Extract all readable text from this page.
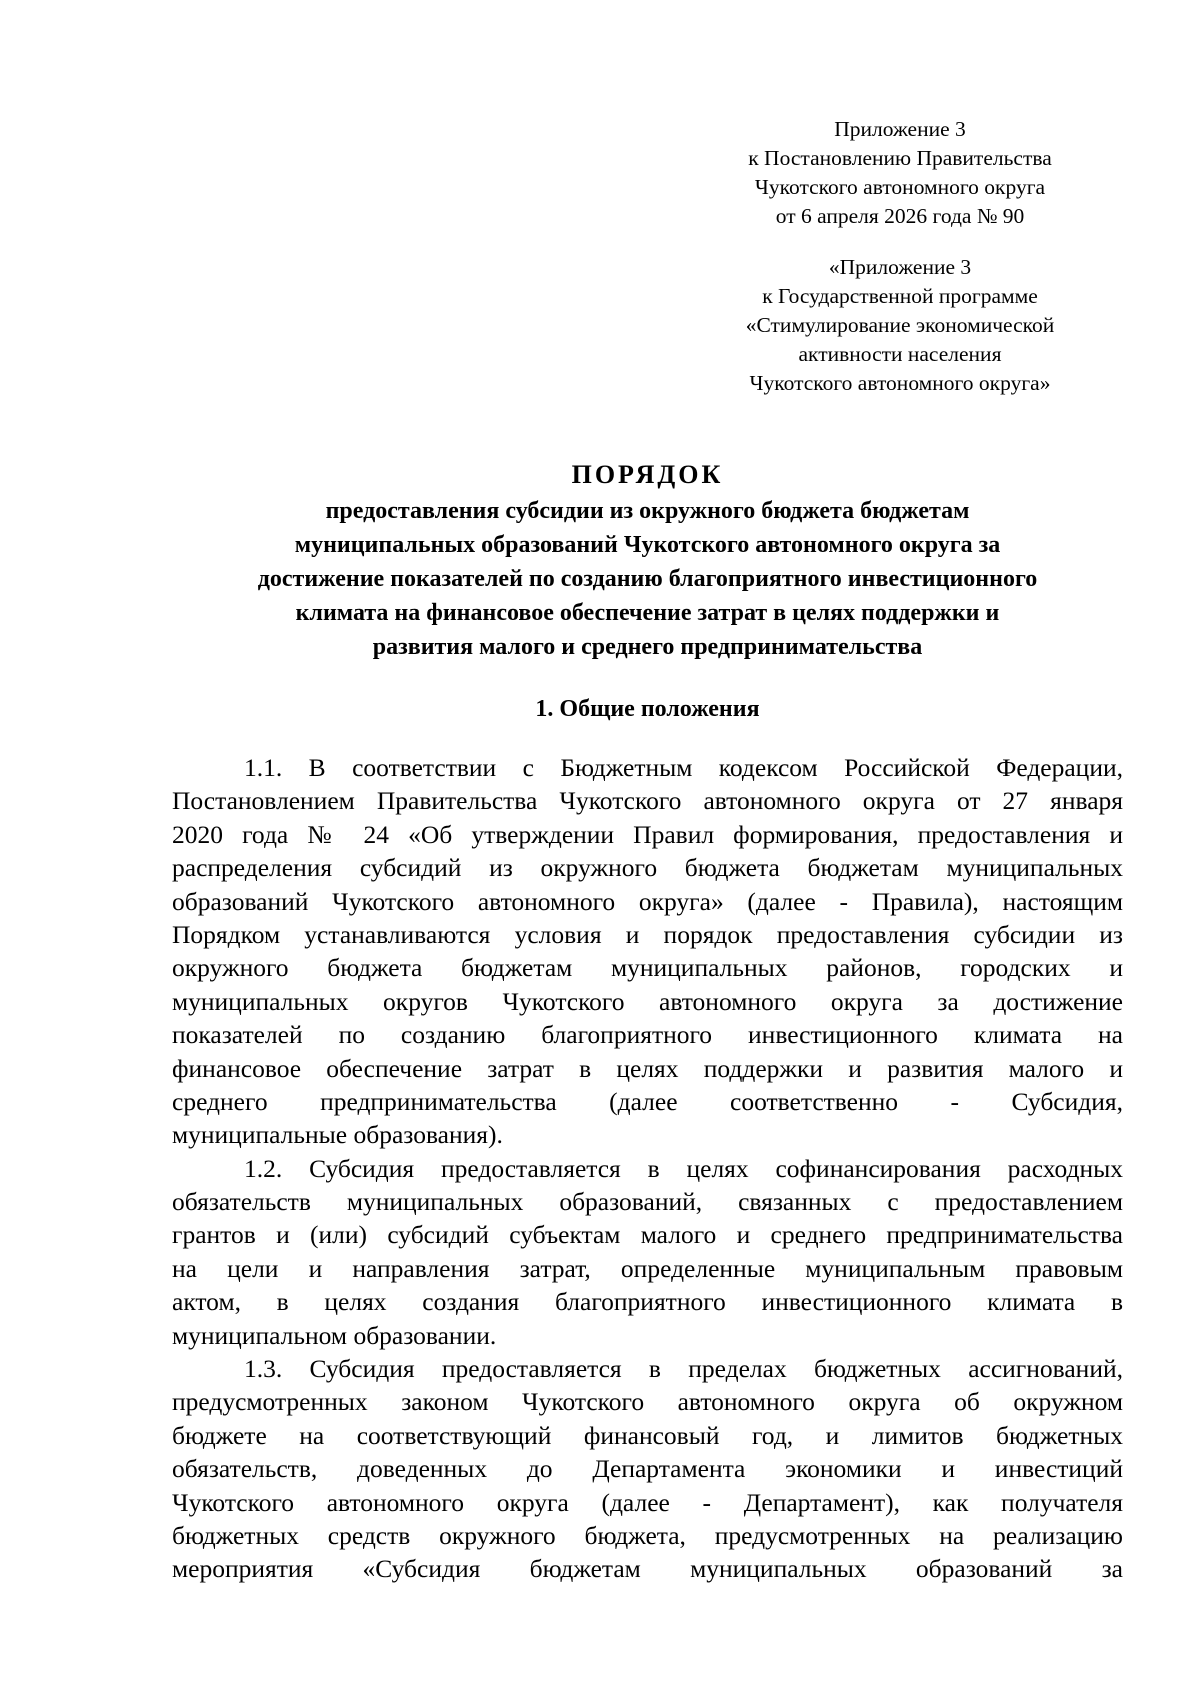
Приложение 3
к Постановлению Правительства
Чукотского автономного округа
от 6 апреля 2026 года № 90
«Приложение 3
к Государственной программе
«Стимулирование экономической
активности населения
Чукотского автономного округа»
ПОРЯДОК
предоставления субсидии из окружного бюджета бюджетам
муниципальных образований Чукотского автономного округа за
достижение показателей по созданию благоприятного инвестиционного
климата на финансовое обеспечение затрат в целях поддержки и
развития малого и среднего предпринимательства
1. Общие положения
1.1. В соответствии с Бюджетным кодексом Российской Федерации,
Постановлением Правительства Чукотского автономного округа от 27 января
2020 года № 24 «Об утверждении Правил формирования, предоставления и
распределения субсидий из окружного бюджета бюджетам муниципальных
образований Чукотского автономного округа» (далее - Правила), настоящим
Порядком устанавливаются условия и порядок предоставления субсидии из
окружного бюджета бюджетам муниципальных районов, городских и
муниципальных округов Чукотского автономного округа за достижение
показателей по созданию благоприятного инвестиционного климата на
финансовое обеспечение затрат в целях поддержки и развития малого и
среднего предпринимательства (далее соответственно - Субсидия,
муниципальные образования).
1.2. Субсидия предоставляется в целях софинансирования расходных
обязательств муниципальных образований, связанных с предоставлением
грантов и (или) субсидий субъектам малого и среднего предпринимательства
на цели и направления затрат, определенные муниципальным правовым
актом, в целях создания благоприятного инвестиционного климата в
муниципальном образовании.
1.3. Субсидия предоставляется в пределах бюджетных ассигнований,
предусмотренных законом Чукотского автономного округа об окружном
бюджете на соответствующий финансовый год, и лимитов бюджетных
обязательств, доведенных до Департамента экономики и инвестиций
Чукотского автономного округа (далее - Департамент), как получателя
бюджетных средств окружного бюджета, предусмотренных на реализацию
мероприятия «Субсидия бюджетам муниципальных образований за
